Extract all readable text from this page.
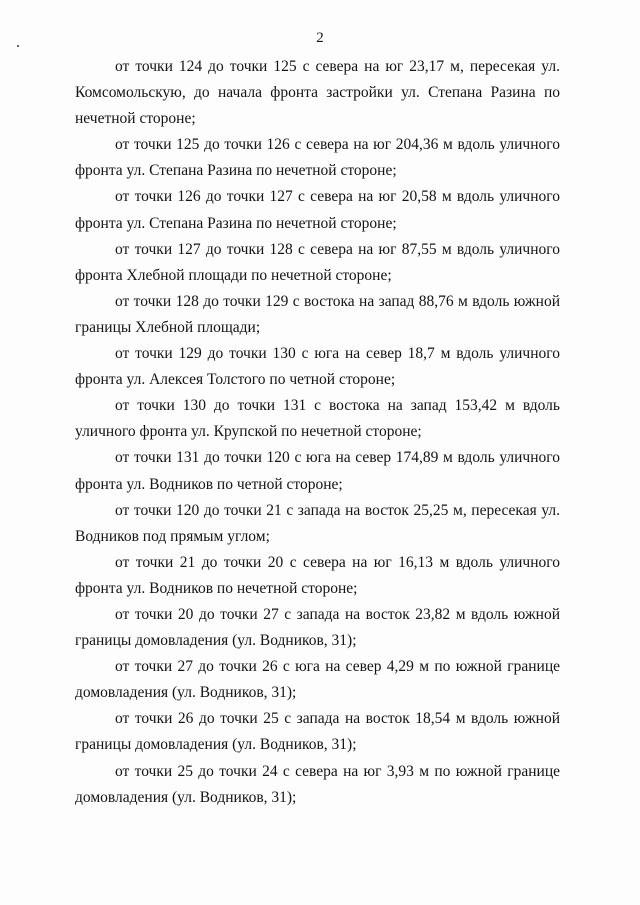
2

от точки 124 до точки 125 с севера на юг 23,17 м, пересекая ул. Комсомольскую, до начала фронта застройки ул. Степана Разина по нечетной стороне;

от точки 125 до точки 126 с севера на юг 204,36 м вдоль уличного фронта ул. Степана Разина по нечетной стороне;

от точки 126 до точки 127 с севера на юг 20,58 м вдоль уличного фронта ул. Степана Разина по нечетной стороне;

от точки 127 до точки 128 с севера на юг 87,55 м вдоль уличного фронта Хлебной площади по нечетной стороне;

от точки 128 до точки 129 с востока на запад 88,76 м вдоль южной границы Хлебной площади;

от точки 129 до точки 130 с юга на север 18,7 м вдоль уличного фронта ул. Алексея Толстого по четной стороне;

от точки 130 до точки 131 с востока на запад 153,42 м вдоль уличного фронта ул. Крупской по нечетной стороне;

от точки 131 до точки 120 с юга на север 174,89 м вдоль уличного фронта ул. Водников по четной стороне;

от точки 120 до точки 21 с запада на восток 25,25 м, пересекая ул. Водников под прямым углом;

от точки 21 до точки 20 с севера на юг 16,13 м вдоль уличного фронта ул. Водников по нечетной стороне;

от точки 20 до точки 27 с запада на восток 23,82 м вдоль южной границы домовладения (ул. Водников, 31);

от точки 27 до точки 26 с юга на север 4,29 м по южной границе домовладения (ул. Водников, 31);

от точки 26 до точки 25 с запада на восток 18,54 м вдоль южной границы домовладения (ул. Водников, 31);

от точки 25 до точки 24 с севера на юг 3,93 м по южной границе домовладения (ул. Водников, 31);
